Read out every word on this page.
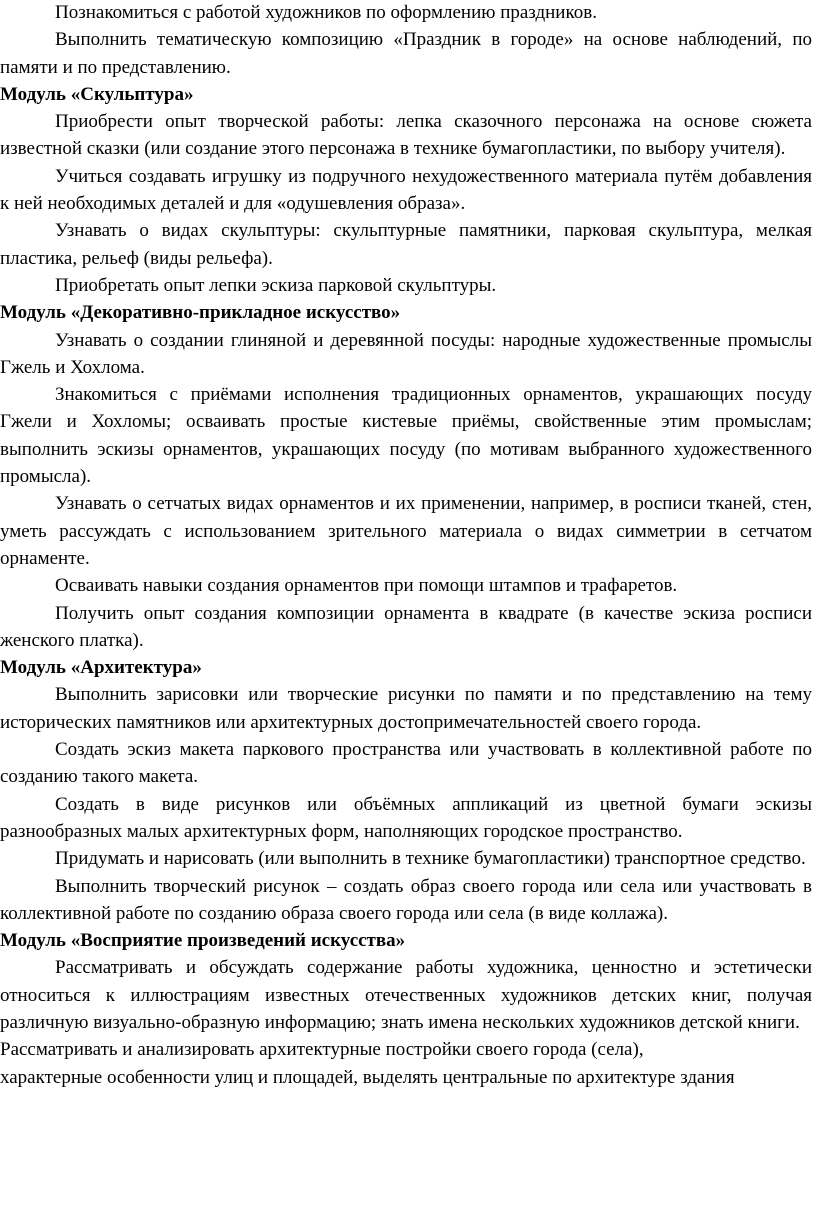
Познакомиться с работой художников по оформлению праздников.

Выполнить тематическую композицию «Праздник в городе» на основе наблюдений, по памяти и по представлению.

Модуль «Скульптура»

Приобрести опыт творческой работы: лепка сказочного персонажа на основе сюжета известной сказки (или создание этого персонажа в технике бумагопластики, по выбору учителя).

Учиться создавать игрушку из подручного нехудожественного материала путём добавления к ней необходимых деталей и для «одушевления образа».

Узнавать о видах скульптуры: скульптурные памятники, парковая скульптура, мелкая пластика, рельеф (виды рельефа).

Приобретать опыт лепки эскиза парковой скульптуры.

Модуль «Декоративно-прикладное искусство»

Узнавать о создании глиняной и деревянной посуды: народные художественные промыслы Гжель и Хохлома.

Знакомиться с приёмами исполнения традиционных орнаментов, украшающих посуду Гжели и Хохломы; осваивать простые кистевые приёмы, свойственные этим промыслам; выполнить эскизы орнаментов, украшающих посуду (по мотивам выбранного художественного промысла).

Узнавать о сетчатых видах орнаментов и их применении, например, в росписи тканей, стен, уметь рассуждать с использованием зрительного материала о видах симметрии в сетчатом орнаменте.

Осваивать навыки создания орнаментов при помощи штампов и трафаретов.

Получить опыт создания композиции орнамента в квадрате (в качестве эскиза росписи женского платка).

Модуль «Архитектура»

Выполнить зарисовки или творческие рисунки по памяти и по представлению на тему исторических памятников или архитектурных достопримечательностей своего города.

Создать эскиз макета паркового пространства или участвовать в коллективной работе по созданию такого макета.

Создать в виде рисунков или объёмных аппликаций из цветной бумаги эскизы разнообразных малых архитектурных форм, наполняющих городское пространство.

Придумать и нарисовать (или выполнить в технике бумагопластики) транспортное средство.

Выполнить творческий рисунок – создать образ своего города или села или участвовать в коллективной работе по созданию образа своего города или села (в виде коллажа).

Модуль «Восприятие произведений искусства»

Рассматривать и обсуждать содержание работы художника, ценностно и эстетически относиться к иллюстрациям известных отечественных художников детских книг, получая различную визуально-образную информацию; знать имена нескольких художников детской книги.

Рассматривать и анализировать архитектурные постройки своего города (села),

характерные особенности улиц и площадей, выделять центральные по архитектуре здания
